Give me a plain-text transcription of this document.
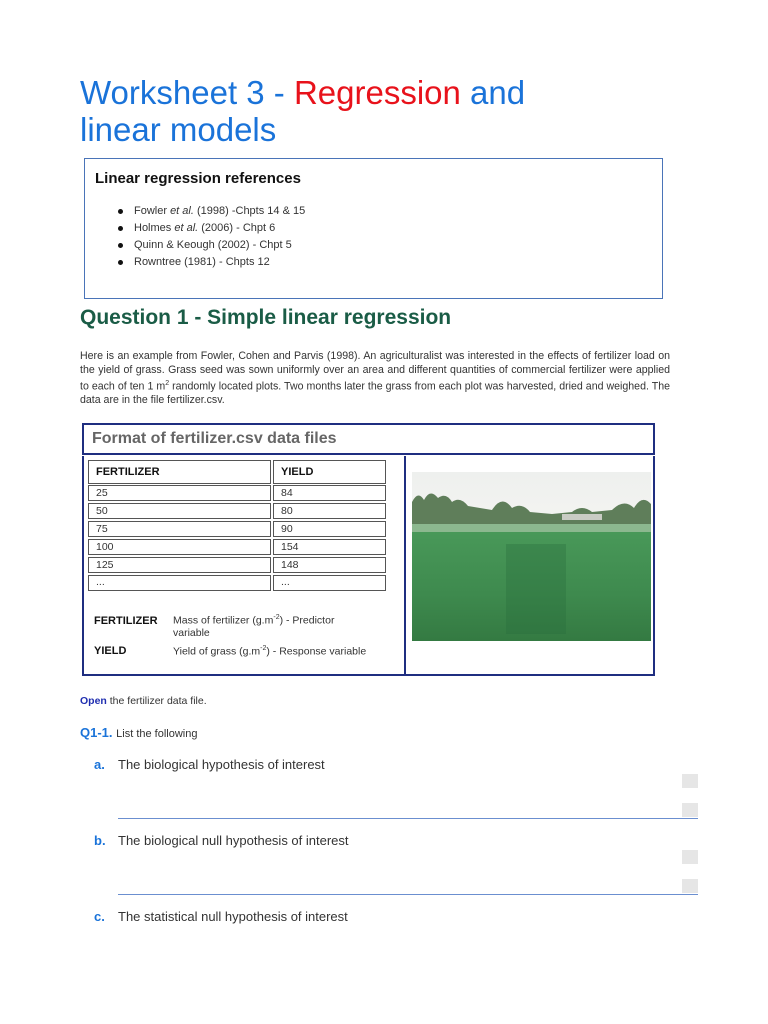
Worksheet 3 - Regression and
linear models
Linear regression references
Fowler et al. (1998) -Chpts 14 & 15
Holmes et al. (2006) - Chpt 6
Quinn & Keough (2002) - Chpt 5
Rowntree (1981) - Chpts 12
Question 1 - Simple linear regression

Here is an example from Fowler, Cohen and Parvis (1998). An agriculturalist was interested in the effects of fertilizer load on the yield of grass. Grass seed was sown uniformly over an area and different quantities of commercial fertilizer were applied to each of ten 1 $m^2$ randomly located plots. Two months later the grass from each plot was harvested, dried and weighed. The data are in the file fertilizer.csv.

Format of fertilizer.csv data files
FERTILIZER	YIELD
25	84
50	80
75	90
100	154
125	148
...	...
FERTILIZER Mass of fertilizer $(g.m^{-2})$ - Predictor variable
YIELD	Yield of grass $(g.m^{-2})$ - Response variable
Open the fertilizer data file.
Q1-1. List the following
a. The biological hypothesis of interest
b. The biological null hypothesis of interest
c. The statistical null hypothesis of interest
